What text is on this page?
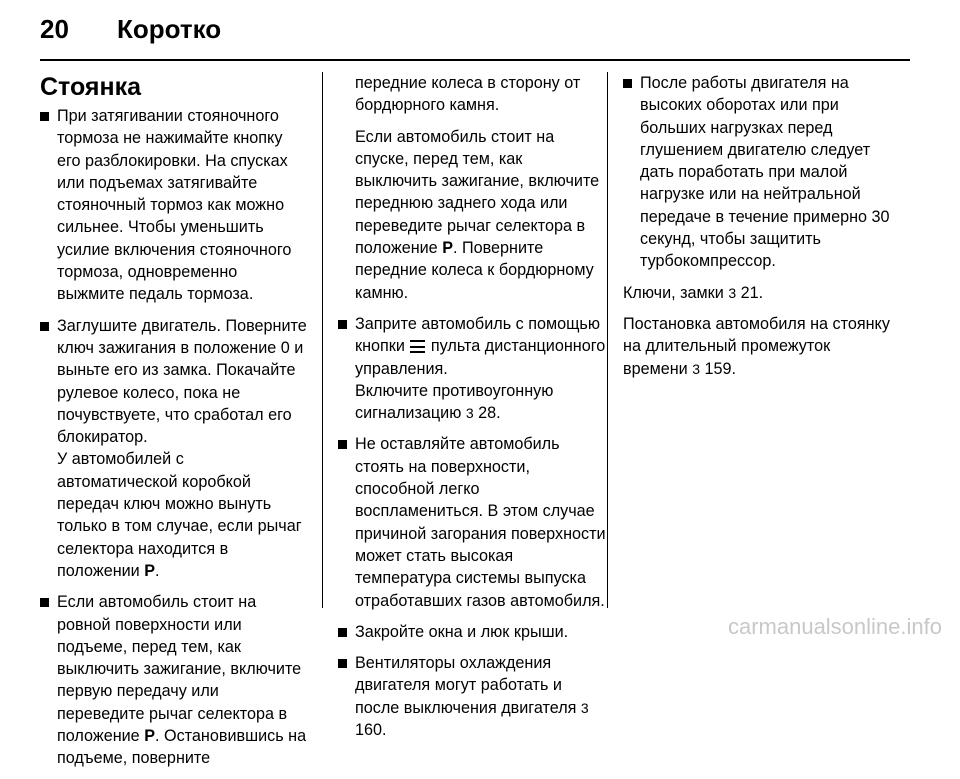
20 Коротко
Стоянка

При затягивании стояночного тормоза не нажимайте кнопку его разблокировки. На спусках или подъемах затягивайте стояночный тормоз как можно сильнее. Чтобы уменьшить усилие включения стояночного тормоза, одновременно выжмите педаль тормоза.

Заглушите двигатель. Поверните ключ зажигания в положение 0 и выньте его из замка. Покачайте рулевое колесо, пока не почувствуете, что сработал его блокиратор.

У автомобилей с автоматической коробкой передач ключ можно вынуть только в том случае, если рычаг селектора находится в положении P.

Если автомобиль стоит на ровной поверхности или подъеме, перед тем, как выключить зажигание, включите первую передачу или переведите рычаг селектора в положение P. Остановившись на подъеме, поверните

передние колеса в сторону от бордюрного камня.

Если автомобиль стоит на спуске, перед тем, как выключить зажигание, включите переднюю заднего хода или переведите рычаг селектора в положение P. Поверните передние колеса к бордюрному камню.

Заприте автомобиль с помощью кнопки пульта дистанционного управления.

Включите противоугонную сигнализацию 3 28.

Не оставляйте автомобиль стоять на поверхности, способной легко воспламениться. В этом случае причиной загорания поверхности может стать высокая температура системы выпуска отработавших газов автомобиля.

Закройте окна и люк крыши.

Вентиляторы охлаждения двигателя могут работать и после выключения двигателя 3 160.

После работы двигателя на высоких оборотах или при больших нагрузках перед глушением двигателю следует дать поработать при малой нагрузке или на нейтральной передаче в течение примерно 30 секунд, чтобы защитить турбокомпрессор.

Ключи, замки 3 21.

Постановка автомобиля на стоянку на длительный промежуток времени 3 159.

carmanualsonline.info
